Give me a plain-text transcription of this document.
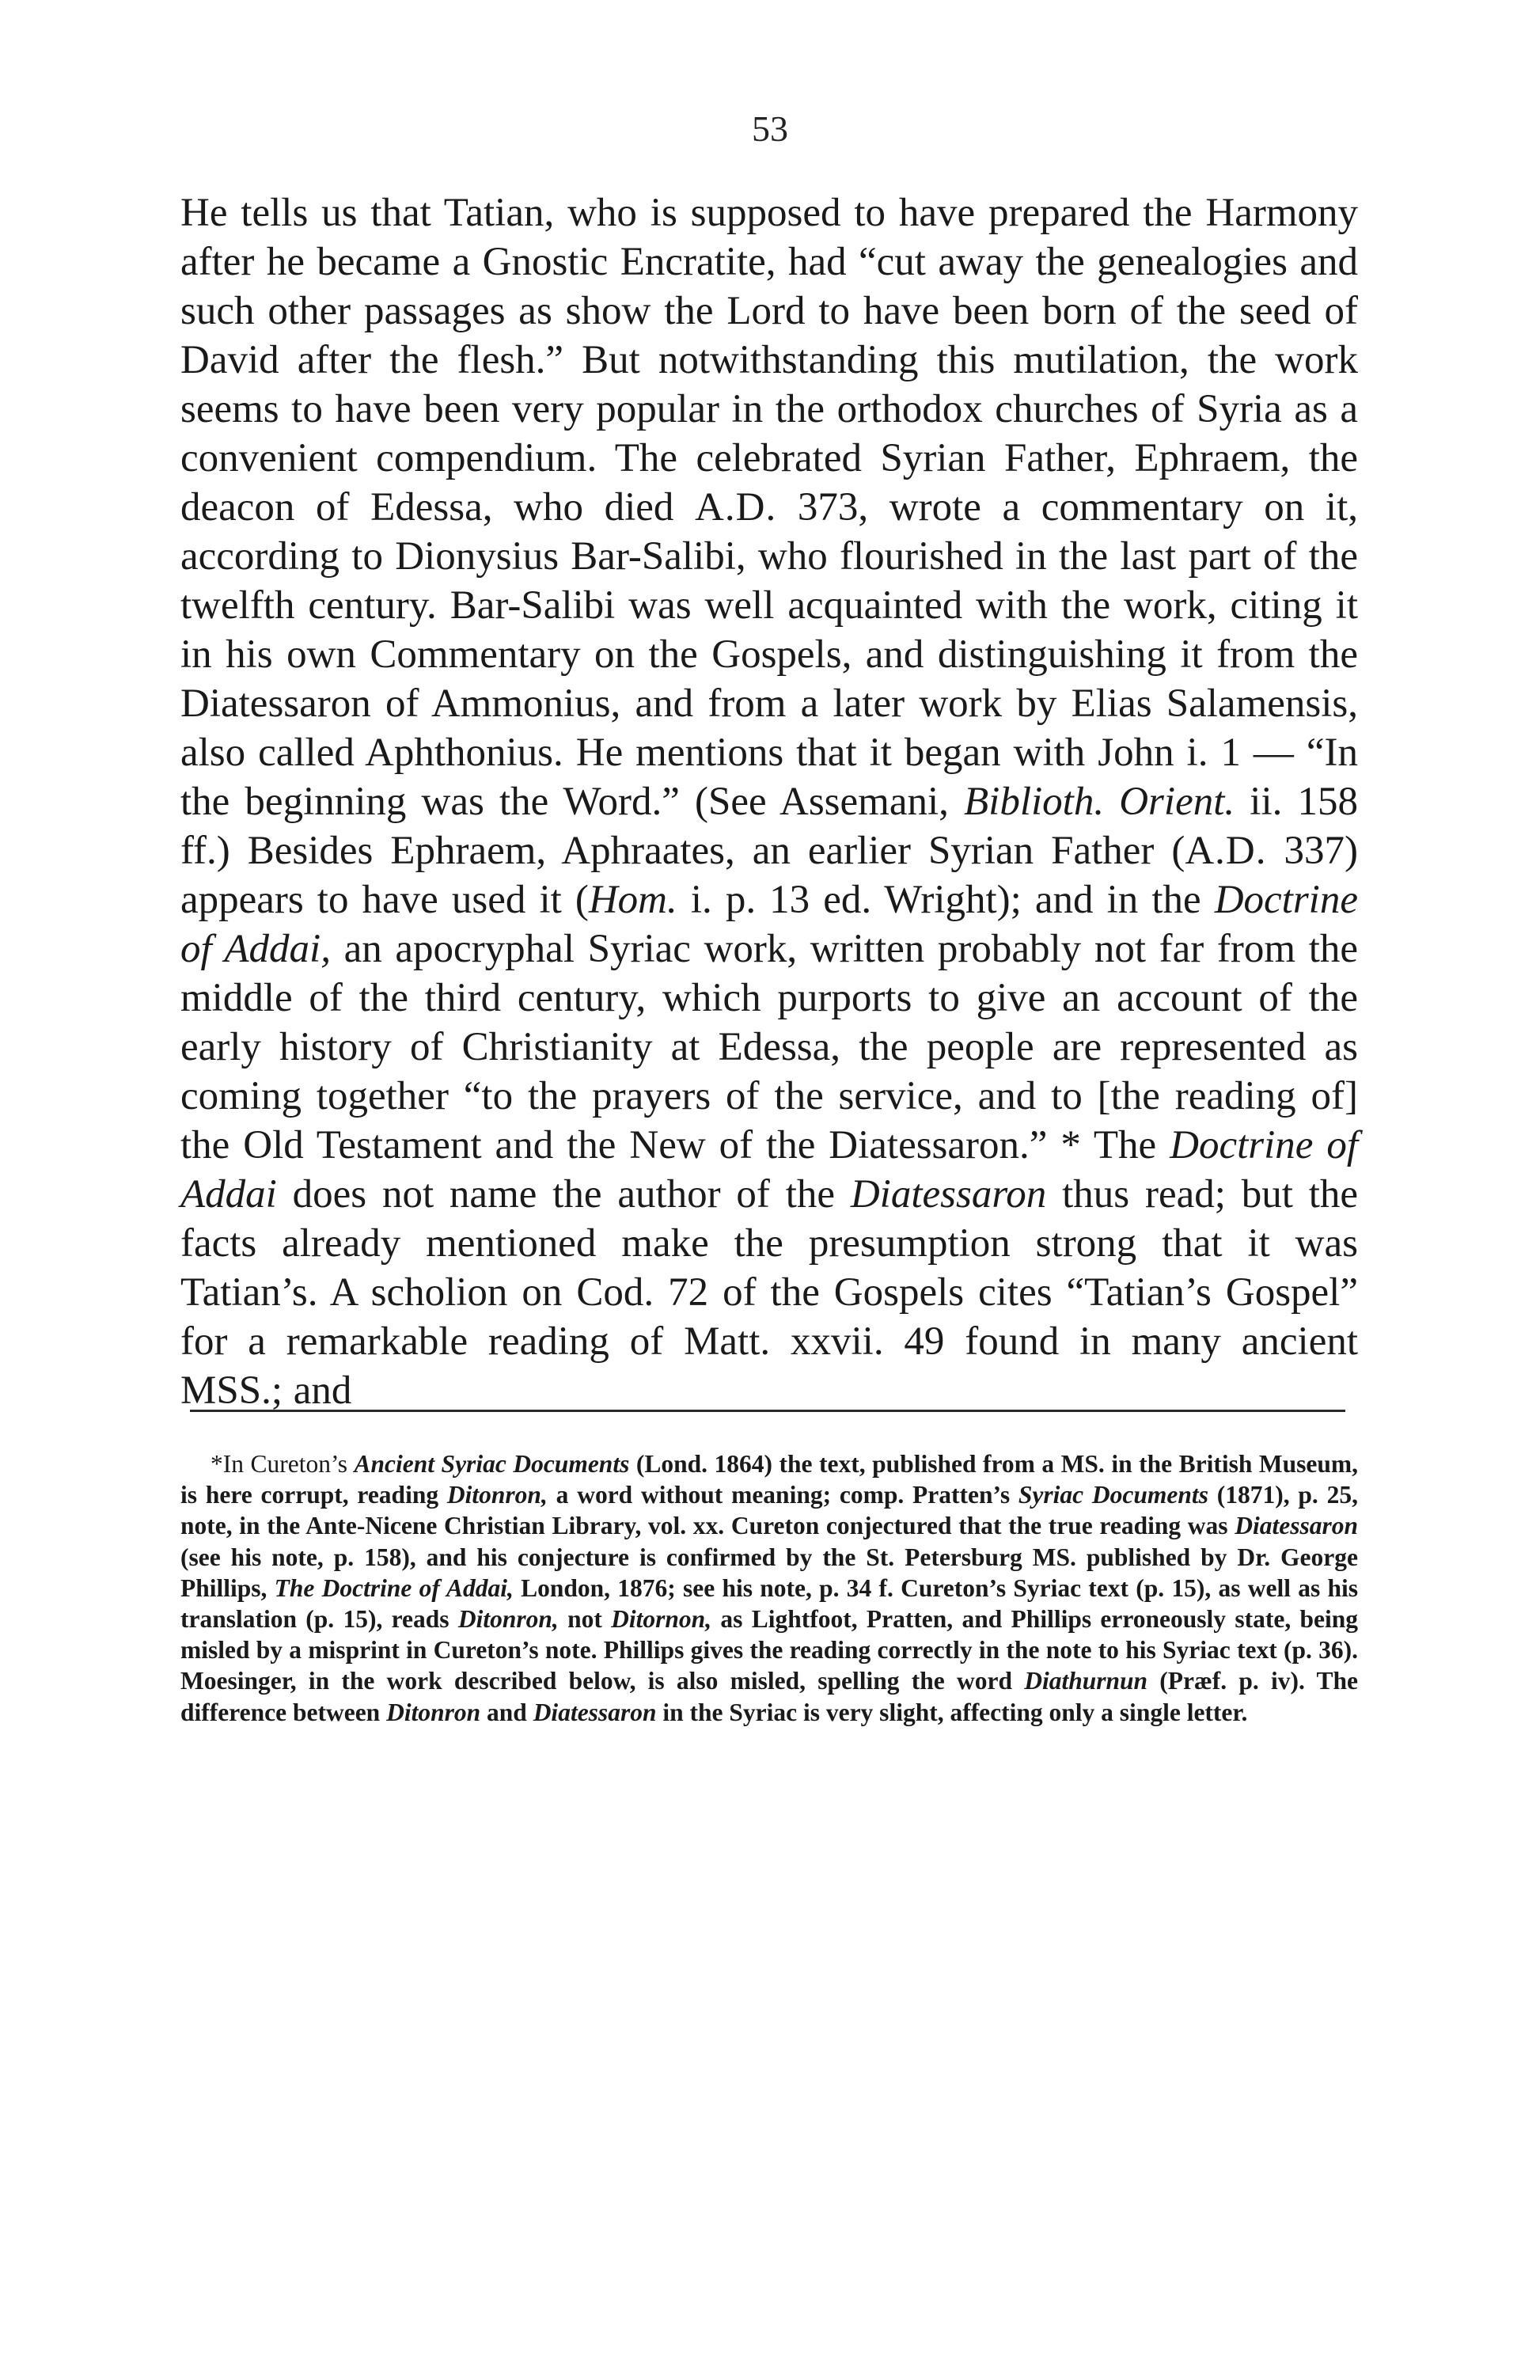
53
He tells us that Tatian, who is supposed to have prepared the Harmony after he became a Gnostic Encratite, had “cut away the genealogies and such other passages as show the Lord to have been born of the seed of David after the flesh.” But notwithstanding this mutilation, the work seems to have been very popular in the orthodox churches of Syria as a convenient compendium. The celebrated Syrian Father, Ephraem, the deacon of Edessa, who died A.D. 373, wrote a commentary on it, according to Dionysius Bar-Salibi, who flourished in the last part of the twelfth century. Bar-Salibi was well acquainted with the work, citing it in his own Commentary on the Gospels, and distinguishing it from the Diatessaron of Ammonius, and from a later work by Elias Salamensis, also called Aphthonius. He mentions that it began with John i. 1 — “In the beginning was the Word.” (See Assemani, Biblioth. Orient. ii. 158 ff.) Besides Ephraem, Aphraates, an earlier Syrian Father (A.D. 337) appears to have used it (Hom. i. p. 13 ed. Wright); and in the Doctrine of Addai, an apocryphal Syriac work, written probably not far from the middle of the third century, which purports to give an account of the early history of Christianity at Edessa, the people are represented as coming together “to the prayers of the service, and to [the reading of] the Old Testament and the New of the Diatessaron.” * The Doctrine of Addai does not name the author of the Diatessaron thus read; but the facts already mentioned make the presumption strong that it was Tatian’s. A scholion on Cod. 72 of the Gospels cites “Tatian’s Gospel” for a remarkable reading of Matt. xxvii. 49 found in many ancient MSS.; and
*In Cureton’s Ancient Syriac Documents (Lond. 1864) the text, published from a MS. in the British Museum, is here corrupt, reading Ditonron, a word without meaning; comp. Pratten’s Syriac Documents (1871), p. 25, note, in the Ante-Nicene Christian Library, vol. xx. Cureton conjectured that the true reading was Diatessaron (see his note, p. 158), and his conjecture is confirmed by the St. Petersburg MS. published by Dr. George Phillips, The Doctrine of Addai, London, 1876; see his note, p. 34 f. Cureton’s Syriac text (p. 15), as well as his translation (p. 15), reads Ditonron, not Ditornon, as Lightfoot, Pratten, and Phillips erroneously state, being misled by a misprint in Cureton’s note. Phillips gives the reading correctly in the note to his Syriac text (p. 36). Moesinger, in the work described below, is also misled, spelling the word Diathurnun (Præf. p. iv). The difference between Ditonron and Diatessaron in the Syriac is very slight, affecting only a single letter.
